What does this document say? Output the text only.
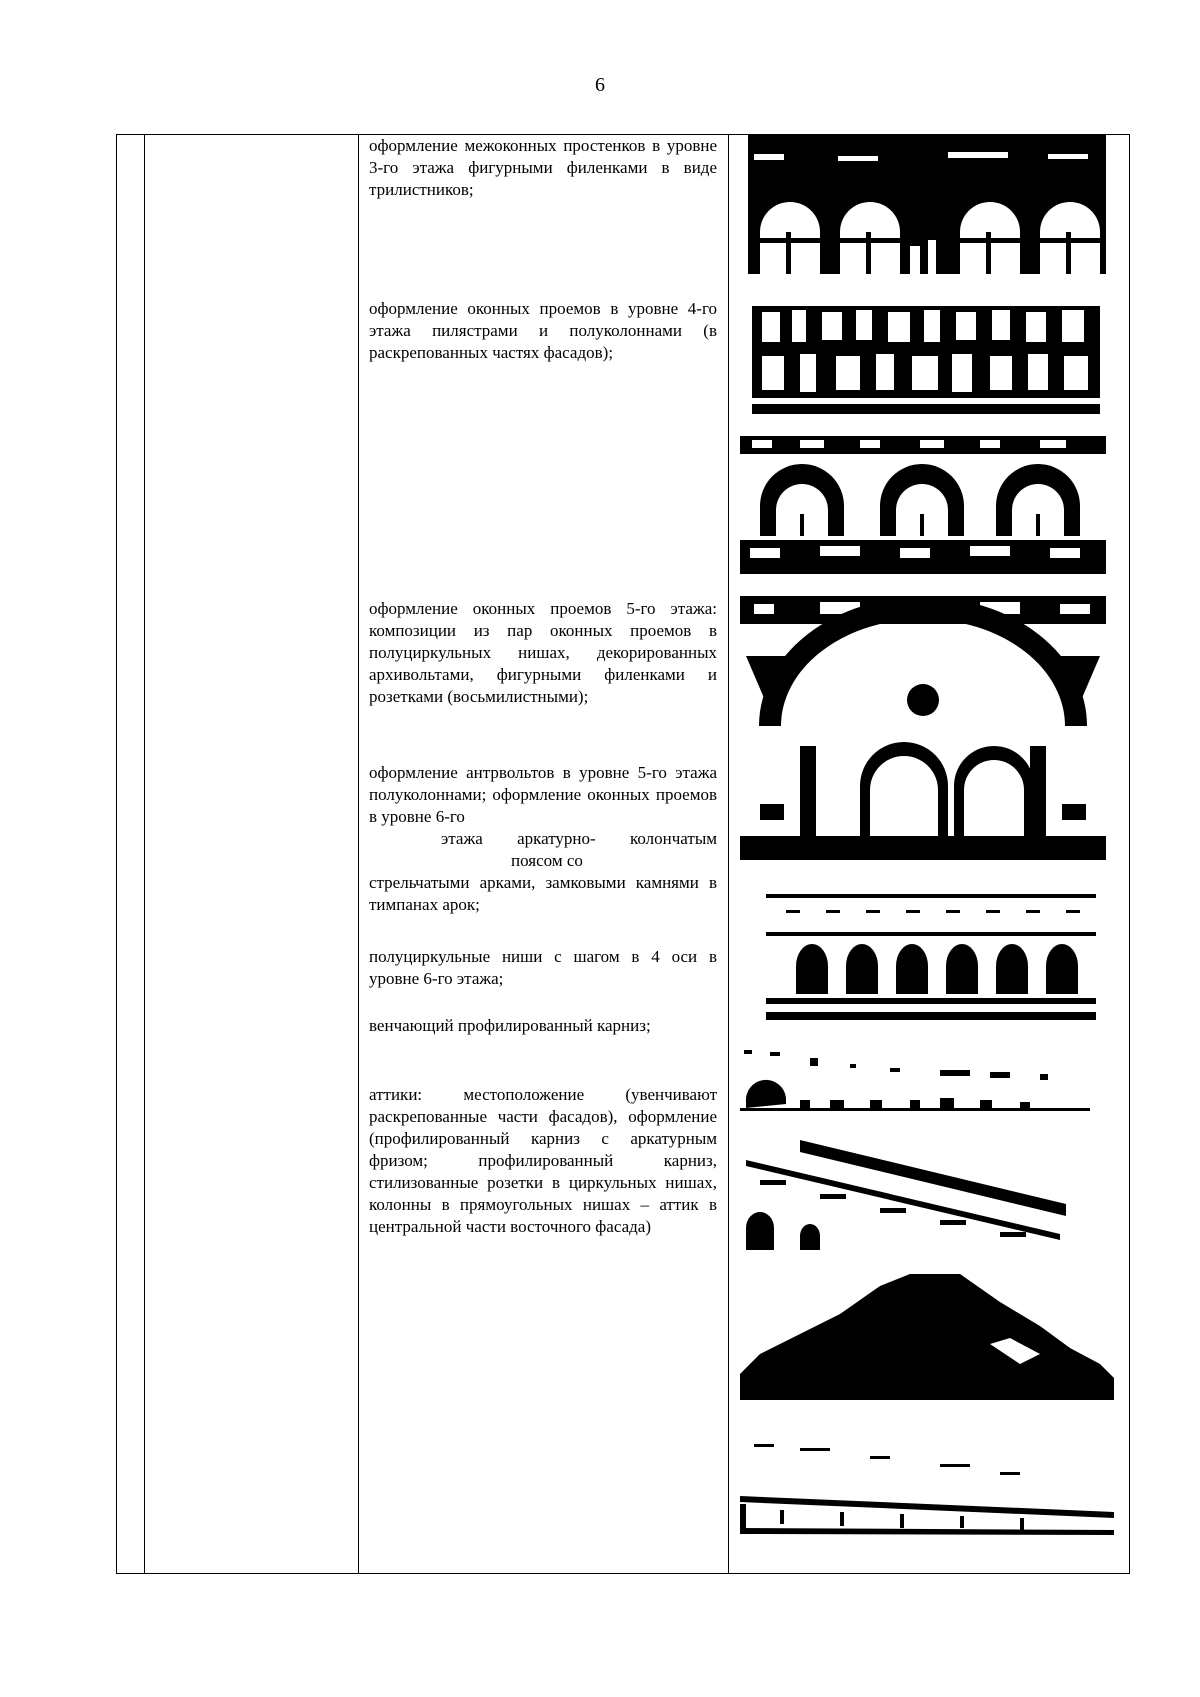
6
оформление межоконных простенков в уровне 3-го этажа фигурными филенками в виде трилистников;
оформление оконных проемов в уровне 4-го этажа пилястрами и полуколоннами (в раскрепованных частях фасадов);
оформление оконных проемов 5-го этажа: композиции из пар оконных проемов в полуциркульных нишах, декорированных архивольтами, фигурными филенками и розетками (восьмилистными);
оформление антрвольтов в уровне 5-го этажа полуколоннами; оформление оконных проемов в уровне 6-го
этажа аркатурно- колончатым
поясом со
стрельчатыми арками, замковыми камнями в тимпанах арок;
полуциркульные ниши с шагом в 4 оси в уровне 6-го этажа;
венчающий профилированный карниз;
аттики: местоположение (увенчивают раскрепованные части фасадов), оформление (профилированный карниз с аркатурным фризом; профилированный карниз, стилизованные розетки в циркульных нишах, колонны в прямоугольных нишах – аттик в центральной части восточного фасада)
